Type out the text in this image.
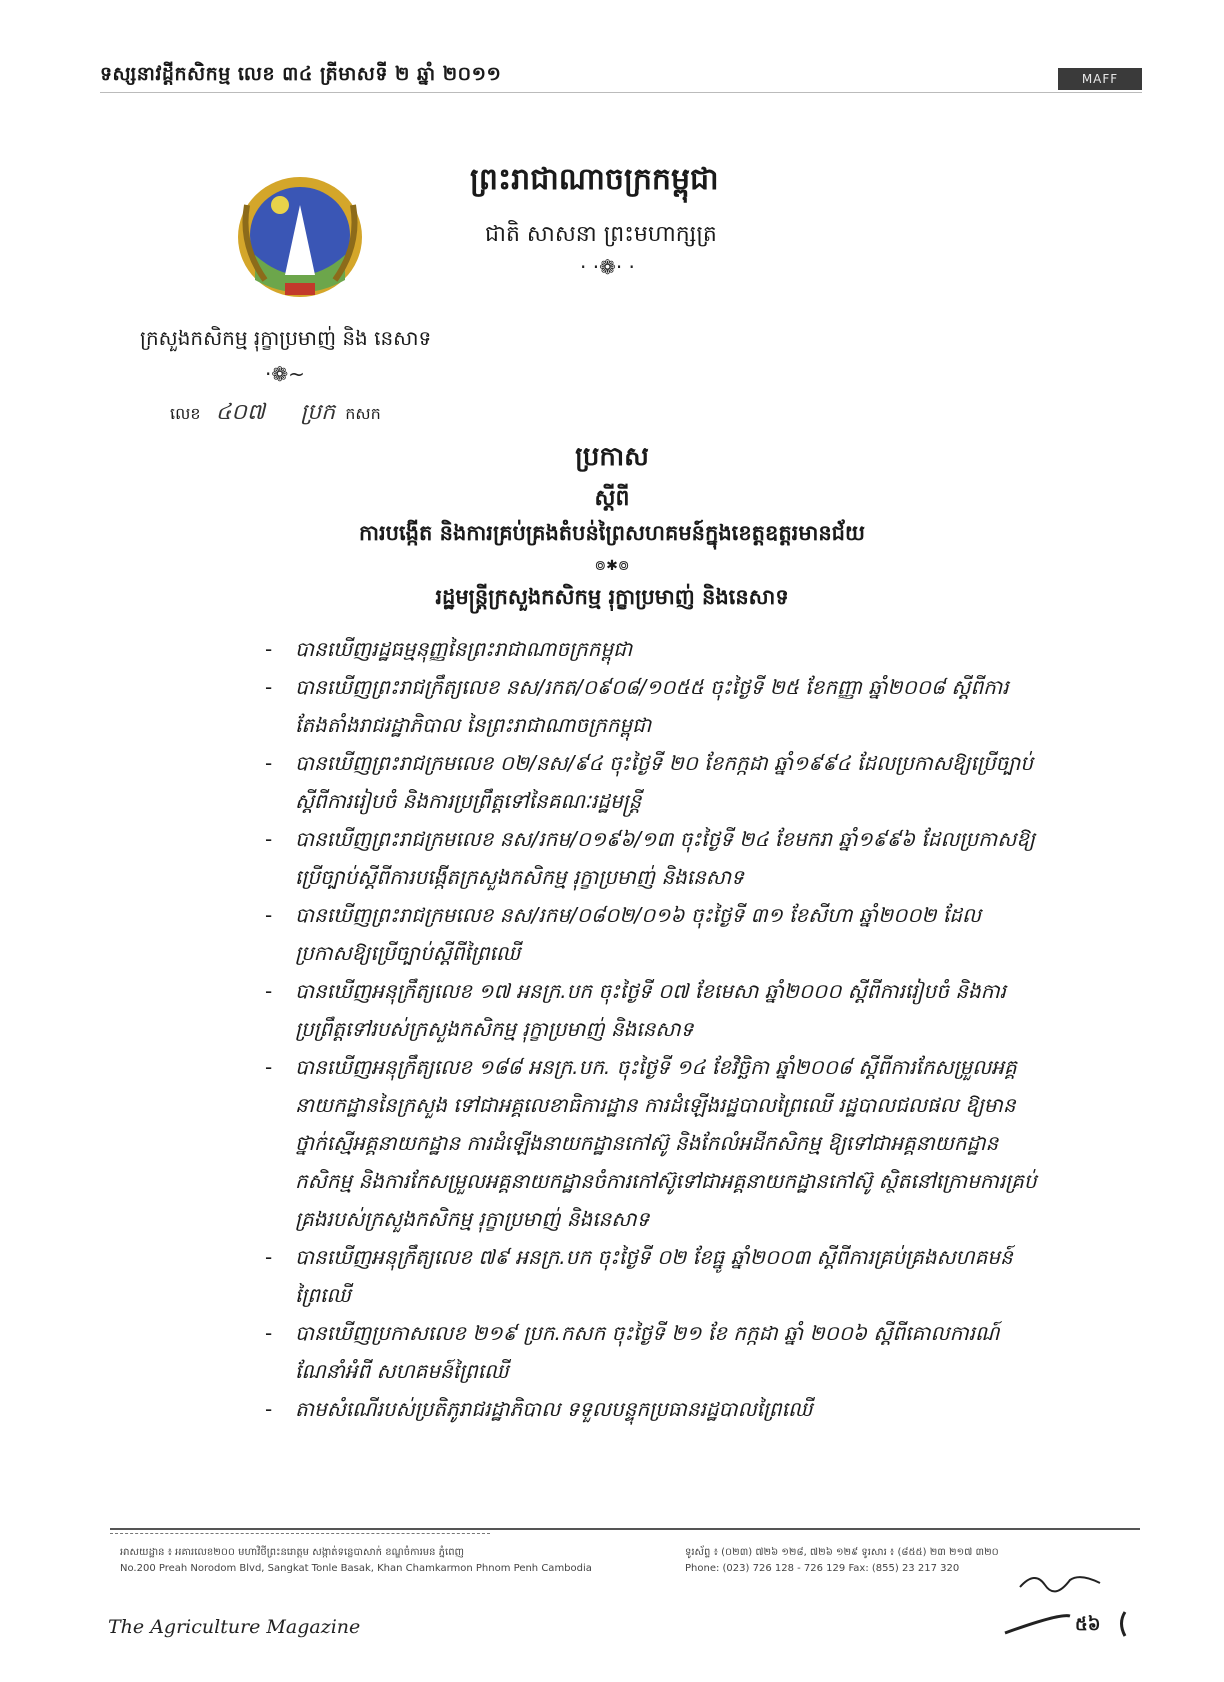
ទស្សនាវដ្ដីកសិកម្ម លេខ ៣៤ ត្រីមាសទី ២ ឆ្នាំ ២០១១	MAFF
ព្រះរាជាណាចក្រកម្ពុជា
ជាតិ សាសនា ព្រះមហាក្សត្រ
· ·❁· ·
ក្រសួងកសិកម្ម រុក្ខាប្រមាញ់ និង នេសាទ
·❁~
លេខ ៤០៧ ប្រក កសក
ប្រកាស
ស្ដីពី
ការបង្កើត និងការគ្រប់គ្រងតំបន់ព្រៃសហគមន៍ក្នុងខេត្តឧត្តរមានជ័យ
៙✱៙
រដ្ឋមន្ត្រីក្រសួងកសិកម្ម រុក្ខាប្រមាញ់ និងនេសាទ
- បានឃើញរដ្ឋធម្មនុញ្ញនៃព្រះរាជាណាចក្រកម្ពុជា
- បានឃើញព្រះរាជក្រឹត្យលេខ នស/រកត/០៩០៨/១០៥៥ ចុះថ្ងៃទី ២៥ ខែកញ្ញា ឆ្នាំ២០០៨ ស្ដីពីការតែងតាំងរាជរដ្ឋាភិបាល នៃព្រះរាជាណាចក្រកម្ពុជា
- បានឃើញព្រះរាជក្រមលេខ ០២/នស/៩៤ ចុះថ្ងៃទី ២០ ខែកក្កដា ឆ្នាំ១៩៩៤ ដែលប្រកាសឱ្យប្រើច្បាប់ស្ដីពីការរៀបចំ និងការប្រព្រឹត្តទៅនៃគណៈរដ្ឋមន្ត្រី
- បានឃើញព្រះរាជក្រមលេខ នស/រកម/០១៩៦/១៣ ចុះថ្ងៃទី ២៤ ខែមករា ឆ្នាំ១៩៩៦ ដែលប្រកាសឱ្យប្រើច្បាប់ស្ដីពីការបង្កើតក្រសួងកសិកម្ម រុក្ខាប្រមាញ់ និងនេសាទ
- បានឃើញព្រះរាជក្រមលេខ នស/រកម/០៨០២/០១៦ ចុះថ្ងៃទី ៣១ ខែសីហា ឆ្នាំ២០០២ ដែលប្រកាសឱ្យប្រើច្បាប់ស្ដីពីព្រៃឈើ
- បានឃើញអនុក្រឹត្យលេខ ១៧ អនក្រ.បក ចុះថ្ងៃទី ០៧ ខែមេសា ឆ្នាំ២០០០ ស្ដីពីការរៀបចំ និងការប្រព្រឹត្តទៅរបស់ក្រសួងកសិកម្ម រុក្ខាប្រមាញ់ និងនេសាទ
- បានឃើញអនុក្រឹត្យលេខ ១៨៨ អនក្រ.បក. ចុះថ្ងៃទី ១៤ ខែវិច្ឆិកា ឆ្នាំ២០០៨ ស្ដីពីការកែសម្រួលអគ្គនាយកដ្ឋាននៃក្រសួង ទៅជាអគ្គលេខាធិការដ្ឋាន ការដំឡើងរដ្ឋបាលព្រៃឈើ រដ្ឋបាលជលផល ឱ្យមានថ្នាក់ស្មើអគ្គនាយកដ្ឋាន ការដំឡើងនាយកដ្ឋានកៅស៊ូ និងកែលំអដីកសិកម្ម ឱ្យទៅជាអគ្គនាយកដ្ឋានកសិកម្ម និងការកែសម្រួលអគ្គនាយកដ្ឋានចំការកៅស៊ូទៅជាអគ្គនាយកដ្ឋានកៅស៊ូ ស្ថិតនៅក្រោមការគ្រប់គ្រងរបស់ក្រសួងកសិកម្ម រុក្ខាប្រមាញ់ និងនេសាទ
- បានឃើញអនុក្រឹត្យលេខ ៧៩ អនក្រ.បក ចុះថ្ងៃទី ០២ ខែធ្នូ ឆ្នាំ២០០៣ ស្ដីពីការគ្រប់គ្រងសហគមន៍ព្រៃឈើ
- បានឃើញប្រកាសលេខ ២១៩ ប្រក.កសក ចុះថ្ងៃទី ២១ ខែ កក្កដា ឆ្នាំ ២០០៦ ស្ដីពីគោលការណ៍ណែនាំអំពី សហគមន៍ព្រៃឈើ
- តាមសំណើរបស់ប្រតិភូរាជរដ្ឋាភិបាល ទទួលបន្ទុកប្រធានរដ្ឋបាលព្រៃឈើ
អាសយដ្ឋាន ៖ អគារលេខ២០០ មហាវិថីព្រះនរោត្តម សង្កាត់ទន្លេបាសាក់ ខណ្ឌចំការមន ភ្នំពេញ
No.200 Preah Norodom Blvd, Sangkat Tonle Basak, Khan Chamkarmon Phnom Penh Cambodia
ទូរស័ព្ទ ៖ (០២៣) ៧២៦ ១២៨, ៧២៦ ១២៩ ទូរសារ ៖ (៨៥៥) ២៣ ២១៧ ៣២០
Phone: (023) 726 128 - 726 129 Fax: (855) 23 217 320
The Agriculture Magazine	៥៦
